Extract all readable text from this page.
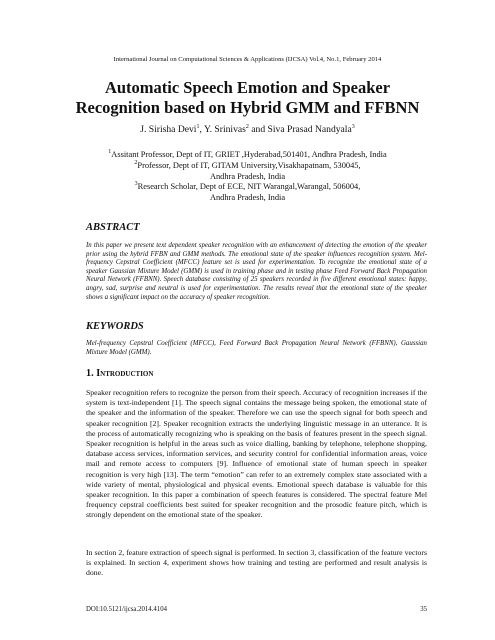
International Journal on Computational Sciences & Applications (IJCSA) Vol.4, No.1, February 2014
Automatic Speech Emotion and Speaker
Recognition based on Hybrid GMM and FFBNN
J. Sirisha Devi$^1$, Y. Srinivas$^2$ and Siva Prasad Nandyala$^3$
$^1$Assitant Professor, Dept of IT, GRIET ,Hyderabad,501401, Andhra Pradesh, India
$^2$Professor, Dept of IT, GITAM University,Visakhapatnam, 530045,
Andhra Pradesh, India
$^3$Research Scholar, Dept of ECE, NIT Warangal,Warangal, 506004,
Andhra Pradesh, India
ABSTRACT
In this paper we present text dependent speaker recognition with an enhancement of detecting the emotion of the speaker prior using the hybrid FFBN and GMM methods. The emotional state of the speaker influences recognition system. Mel-frequency Cepstral Coefficient (MFCC) feature set is used for experimentation. To recognize the emotional state of a speaker Gaussian Mixture Model (GMM) is used in training phase and in testing phase Feed Forward Back Propagation Neural Network (FFBNN). Speech database consisting of 25 speakers recorded in five different emotional states: happy, angry, sad, surprise and neutral is used for experimentation. The results reveal that the emotional state of the speaker shows a significant impact on the accuracy of speaker recognition.
KEYWORDS
Mel-frequency Cepstral Coefficient (MFCC), Feed Forward Back Propagation Neural Network (FFBNN), Gaussian Mixture Model (GMM).
1. Introduction
Speaker recognition refers to recognize the person from their speech. Accuracy of recognition increases if the system is text-independent [1]. The speech signal contains the message being spoken, the emotional state of the speaker and the information of the speaker. Therefore we can use the speech signal for both speech and speaker recognition [2]. Speaker recognition extracts the underlying linguistic message in an utterance. It is the process of automatically recognizing who is speaking on the basis of features present in the speech signal. Speaker recognition is helpful in the areas such as voice dialling, banking by telephone, telephone shopping, database access services, information services, and security control for confidential information areas, voice mail and remote access to computers [9]. Influence of emotional state of human speech in speaker recognition is very high [13]. The term “emotion” can refer to an extremely complex state associated with a wide variety of mental, physiological and physical events. Emotional speech database is valuable for this speaker recognition. In this paper a combination of speech features is considered. The spectral feature Mel frequency cepstral coefficients best suited for speaker recognition and the prosodic feature pitch, which is strongly dependent on the emotional state of the speaker.
In section 2, feature extraction of speech signal is performed. In section 3, classification of the feature vectors is explained. In section 4, experiment shows how training and testing are performed and result analysis is done.
DOI:10.5121/ijcsa.2014.4104	35
